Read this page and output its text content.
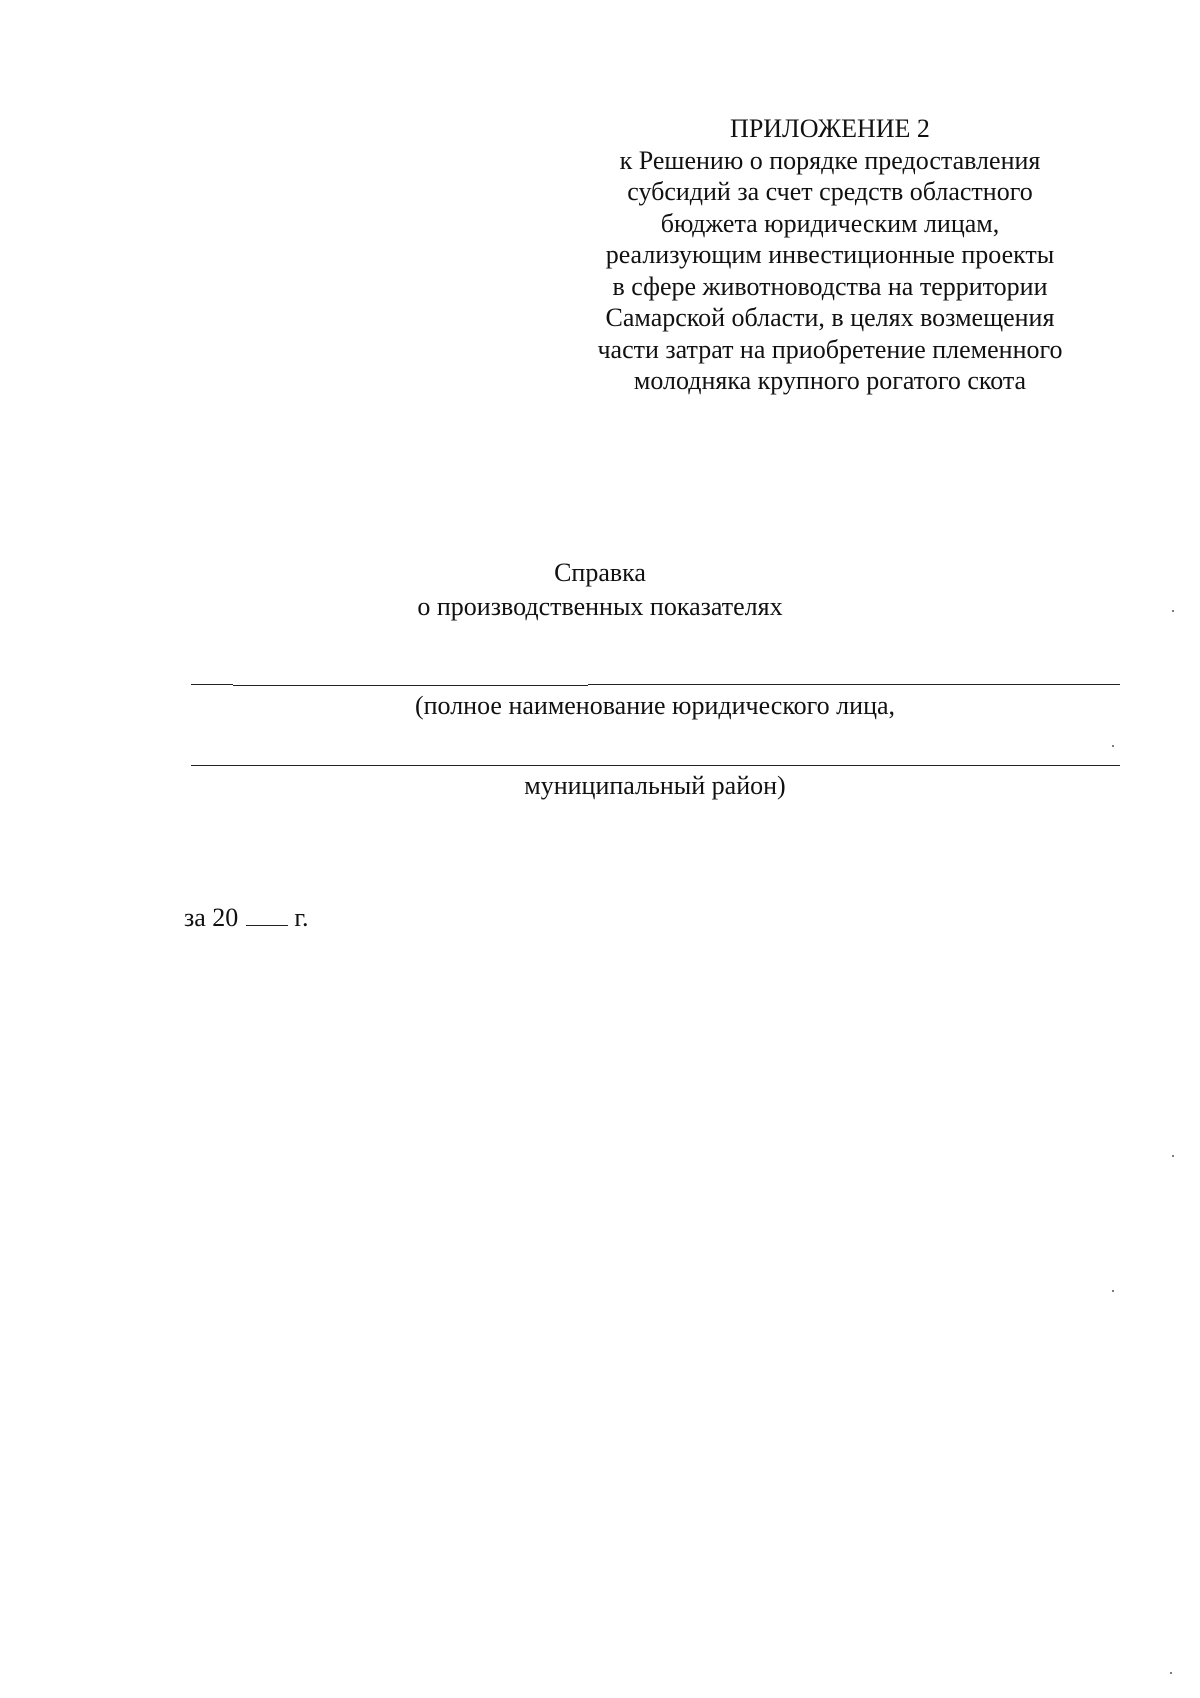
ПРИЛОЖЕНИЕ 2
к Решению о порядке предоставления
субсидий за счет средств областного
бюджета юридическим лицам,
реализующим инвестиционные проекты
в сфере животноводства на территории
Самарской области, в целях возмещения
части затрат на приобретение племенного
молодняка крупного рогатого скота
Справка
о производственных показателях
(полное наименование юридического лица,
муниципальный район)
за 20 г.
